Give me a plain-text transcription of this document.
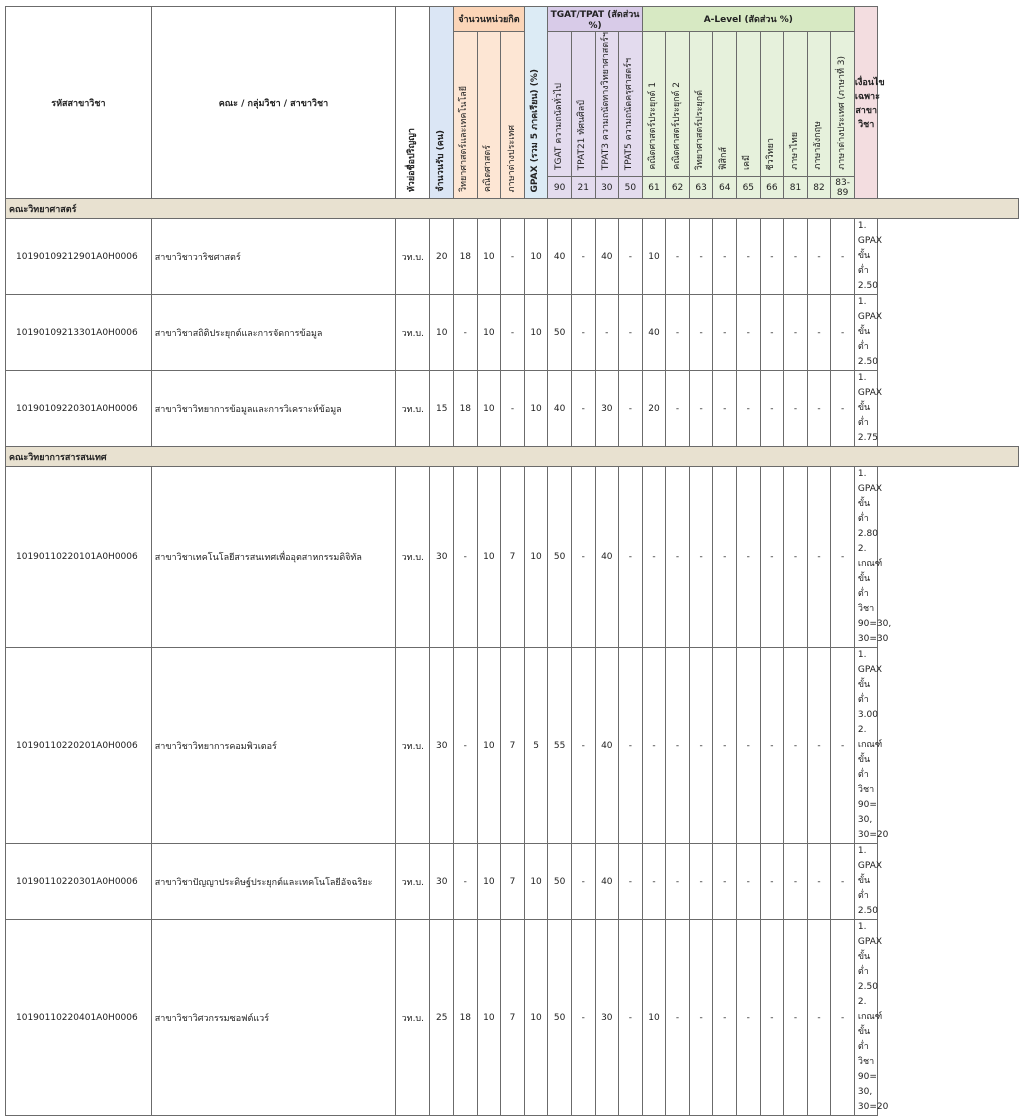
รหัสสาขาวิชา	คณะ / กลุ่มวิชา / สาขาวิชา	หัวย่อชื่อปริญญา	จำนวนรับ (คน)	จำนวนหน่วยกิต			GPAX (รวม 5 ภาคเรียน) (%)	TGAT/TPAT (สัดส่วน %)				A-Level (สัดส่วน %)									เงื่อนไขเฉพาะสาขาวิชา
				วิทยาศาสตร์และเทคโนโลยี	คณิตศาสตร์	ภาษาต่างประเทศ		TGAT ความถนัดทั่วไป	TPAT21 ทัศนศิลป์	TPAT3 ความถนัดทางวิทยาศาสตร์ฯ	TPAT5 ความถนัดครุศาสตร์ฯ	คณิตศาสตร์ประยุกต์ 1	คณิตศาสตร์ประยุกต์ 2	วิทยาศาสตร์ประยุกต์	ฟิสิกส์	เคมี	ชีววิทยา	ภาษาไทย	ภาษาอังกฤษ	ภาษาต่างประเทศ (ภาษาที่ 3)	
								90	21	30	50	61	62	63	64	65	66	81	82	83-89	
คณะวิทยาศาสตร์																					
10190109212901A0H0006	สาขาวิชาวาริชศาสตร์	วท.บ.	20	18	10	-	10	40	-	40	-	10	-	-	-	-	-	-	-	-	1. GPAX ขั้นต่ำ 2.50

10190109213301A0H0006	สาขาวิชาสถิติประยุกต์และการจัดการข้อมูล	วท.บ.	10	-	10	-	10	50	-	-	-	40	-	-	-	-	-	-	-	-	1. GPAX ขั้นต่ำ 2.50

10190109220301A0H0006	สาขาวิชาวิทยาการข้อมูลและการวิเคราะห์ข้อมูล	วท.บ.	15	18	10	-	10	40	-	30	-	20	-	-	-	-	-	-	-	-	1. GPAX ขั้นต่ำ 2.75

คณะวิทยาการสารสนเทศ																					
10190110220101A0H0006	สาขาวิชาเทคโนโลยีสารสนเทศเพื่ออุตสาหกรรมดิจิทัล	วท.บ.	30	-	10	7	10	50	-	40	-	-	-	-	-	-	-	-	-	-	1. GPAX ขั้นต่ำ 2.80
2. เกณฑ์ขั้นต่ำวิชา
90=30, 30=30

10190110220201A0H0006	สาขาวิชาวิทยาการคอมพิวเตอร์	วท.บ.	30	-	10	7	5	55	-	40	-	-	-	-	-	-	-	-	-	-	1. GPAX ขั้นต่ำ 3.00
2. เกณฑ์ขั้นต่ำวิชา 90=
30, 30=20

10190110220301A0H0006	สาขาวิชาปัญญาประดิษฐ์ประยุกต์และเทคโนโลยีอัจฉริยะ	วท.บ.	30	-	10	7	10	50	-	40	-	-	-	-	-	-	-	-	-	-	1. GPAX ขั้นต่ำ 2.50

10190110220401A0H0006	สาขาวิชาวิศวกรรมซอฟต์แวร์	วท.บ.	25	18	10	7	10	50	-	30	-	10	-	-	-	-	-	-	-	-	1. GPAX ขั้นต่ำ 2.50
2. เกณฑ์ขั้นต่ำวิชา 90=
30, 30=20
